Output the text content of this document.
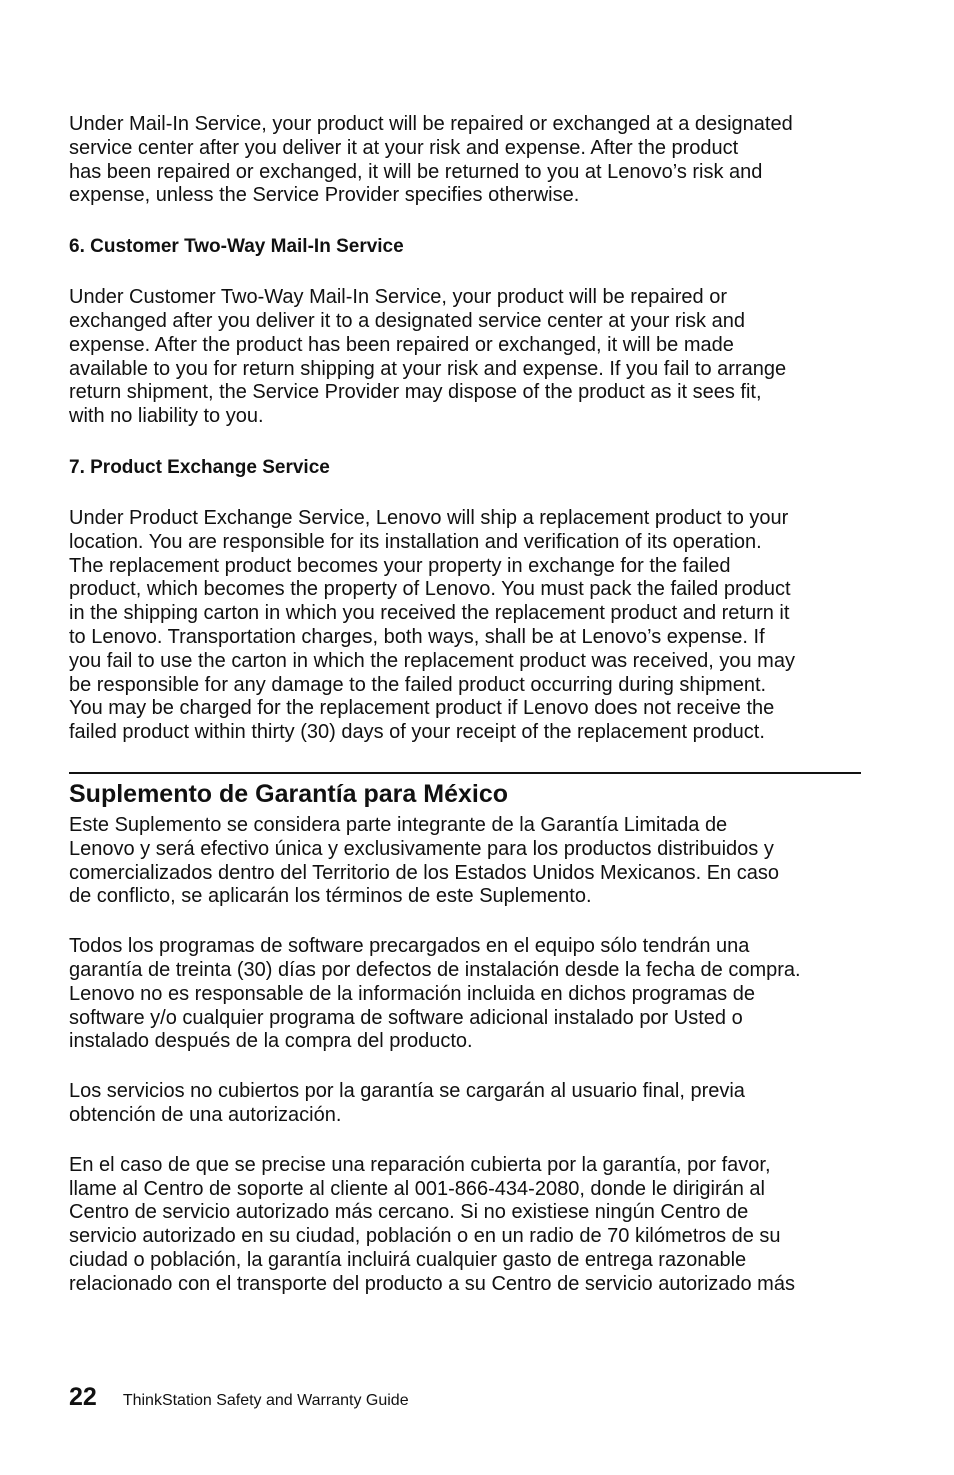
Under Mail-In Service, your product will be repaired or exchanged at a designated
service center after you deliver it at your risk and expense. After the product
has been repaired or exchanged, it will be returned to you at Lenovo’s risk and
expense, unless the Service Provider specifies otherwise.
6. Customer Two-Way Mail-In Service
Under Customer Two-Way Mail-In Service, your product will be repaired or
exchanged after you deliver it to a designated service center at your risk and
expense. After the product has been repaired or exchanged, it will be made
available to you for return shipping at your risk and expense. If you fail to arrange
return shipment, the Service Provider may dispose of the product as it sees fit,
with no liability to you.
7. Product Exchange Service
Under Product Exchange Service, Lenovo will ship a replacement product to your
location. You are responsible for its installation and verification of its operation.
The replacement product becomes your property in exchange for the failed
product, which becomes the property of Lenovo. You must pack the failed product
in the shipping carton in which you received the replacement product and return it
to Lenovo. Transportation charges, both ways, shall be at Lenovo’s expense. If
you fail to use the carton in which the replacement product was received, you may
be responsible for any damage to the failed product occurring during shipment.
You may be charged for the replacement product if Lenovo does not receive the
failed product within thirty (30) days of your receipt of the replacement product.
Suplemento de Garantía para México
Este Suplemento se considera parte integrante de la Garantía Limitada de
Lenovo y será efectivo única y exclusivamente para los productos distribuidos y
comercializados dentro del Territorio de los Estados Unidos Mexicanos. En caso
de conflicto, se aplicarán los términos de este Suplemento.
Todos los programas de software precargados en el equipo sólo tendrán una
garantía de treinta (30) días por defectos de instalación desde la fecha de compra.
Lenovo no es responsable de la información incluida en dichos programas de
software y/o cualquier programa de software adicional instalado por Usted o
instalado después de la compra del producto.
Los servicios no cubiertos por la garantía se cargarán al usuario final, previa
obtención de una autorización.
En el caso de que se precise una reparación cubierta por la garantía, por favor,
llame al Centro de soporte al cliente al 001-866-434-2080, donde le dirigirán al
Centro de servicio autorizado más cercano. Si no existiese ningún Centro de
servicio autorizado en su ciudad, población o en un radio de 70 kilómetros de su
ciudad o población, la garantía incluirá cualquier gasto de entrega razonable
relacionado con el transporte del producto a su Centro de servicio autorizado más
22 ThinkStation Safety and Warranty Guide
